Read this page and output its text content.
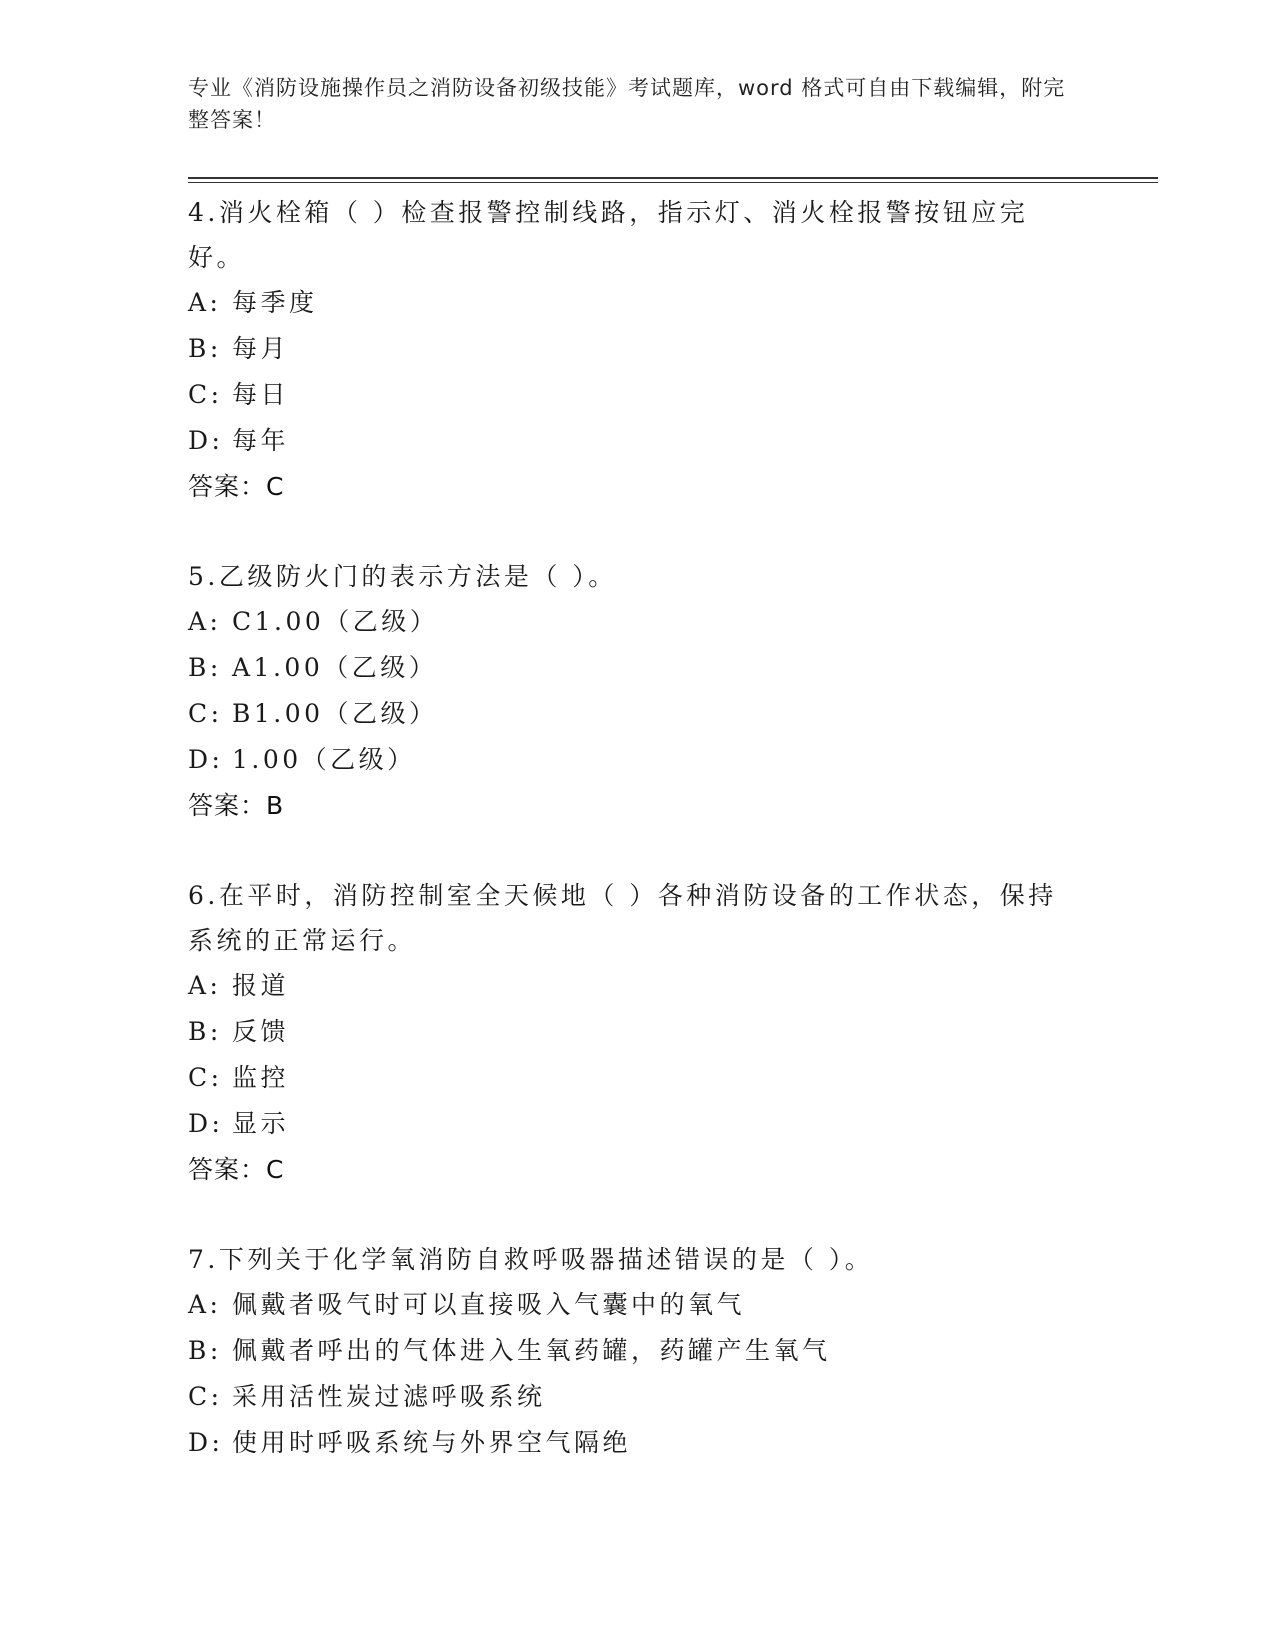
专业《消防设施操作员之消防设备初级技能》考试题库，word 格式可自由下载编辑，附完整答案！
4.消火栓箱（ ）检查报警控制线路，指示灯、消火栓报警按钮应完好。
A: 每季度
B: 每月
C: 每日
D: 每年
答案：C
5.乙级防火门的表示方法是（ ）。
A: C1.00（乙级）
B: A1.00（乙级）
C: B1.00（乙级）
D: 1.00（乙级）
答案：B
6.在平时，消防控制室全天候地（ ）各种消防设备的工作状态，保持系统的正常运行。
A: 报道
B: 反馈
C: 监控
D: 显示
答案：C
7.下列关于化学氧消防自救呼吸器描述错误的是（ ）。
A: 佩戴者吸气时可以直接吸入气囊中的氧气
B: 佩戴者呼出的气体进入生氧药罐，药罐产生氧气
C: 采用活性炭过滤呼吸系统
D: 使用时呼吸系统与外界空气隔绝
